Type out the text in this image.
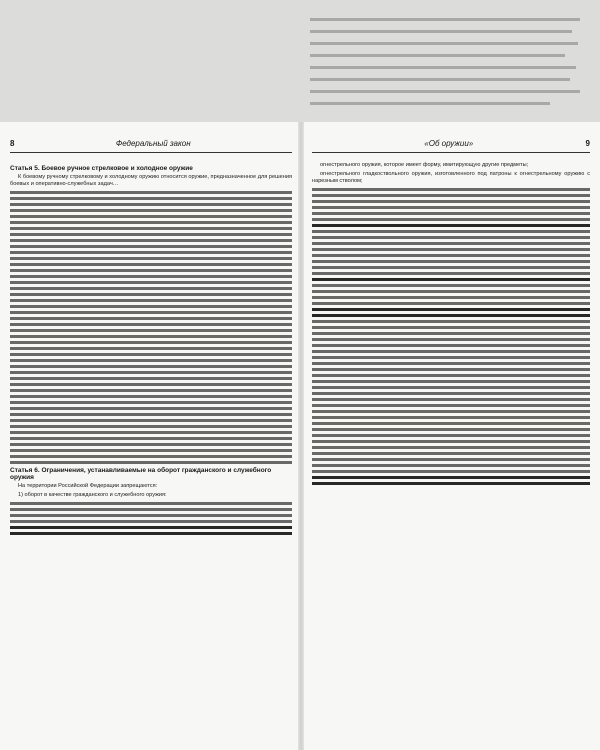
8	Федеральный закон	«Об оружии»	9
Статья 5. Боевое ручное стрелковое и холодное оружие

К боевому ручному стрелковому и холодному оружию относится оружие, предназначенное для решения боевых и оперативно-служебных задач…

Статья 6. Ограничения, устанавливаемые на оборот гражданского и служебного оружия

На территории Российской Федерации запрещаются:

1) оборот в качестве гражданского и служебного оружия:

огнестрельного оружия, которое имеет форму, имитирующую другие предметы;

огнестрельного гладкоствольного оружия, изготовленного под патроны к огнестрельному оружию с нарезным стволом;
